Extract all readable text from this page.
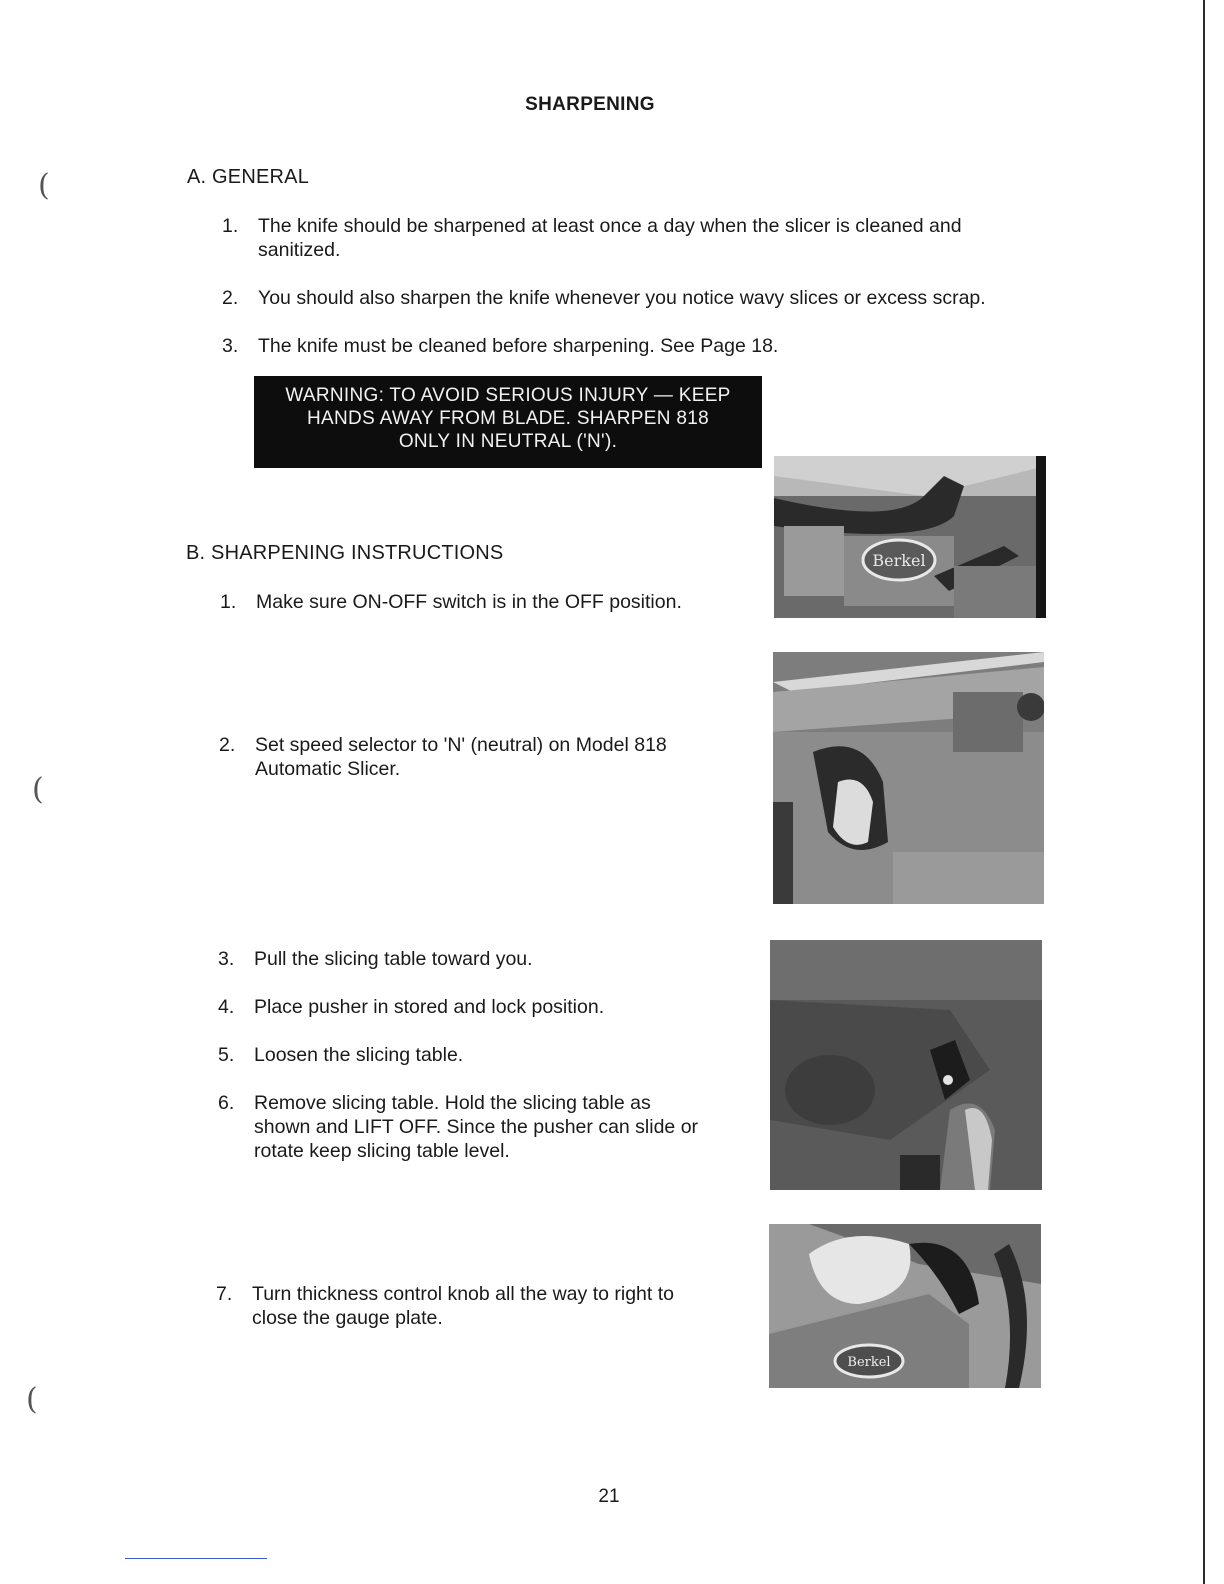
SHARPENING
A. GENERAL
1.	The knife should be sharpened at least once a day when the slicer is cleaned and sanitized.
2.	You should also sharpen the knife whenever you notice wavy slices or excess scrap.
3.	The knife must be cleaned before sharpening. See Page 18.
WARNING: TO AVOID SERIOUS INJURY — KEEP
HANDS AWAY FROM BLADE. SHARPEN 818
ONLY IN NEUTRAL ('N').
B. SHARPENING INSTRUCTIONS
1.	Make sure ON-OFF switch is in the OFF position.
2.	Set speed selector to 'N' (neutral) on Model 818 Automatic Slicer.
3.	Pull the slicing table toward you.
4.	Place pusher in stored and lock position.
5.	Loosen the slicing table.
6.	Remove slicing table. Hold the slicing table as shown and LIFT OFF. Since the pusher can slide or rotate keep slicing table level.
7.	Turn thickness control knob all the way to right to close the gauge plate.
Berkel
Berkel
21
(
(
(
